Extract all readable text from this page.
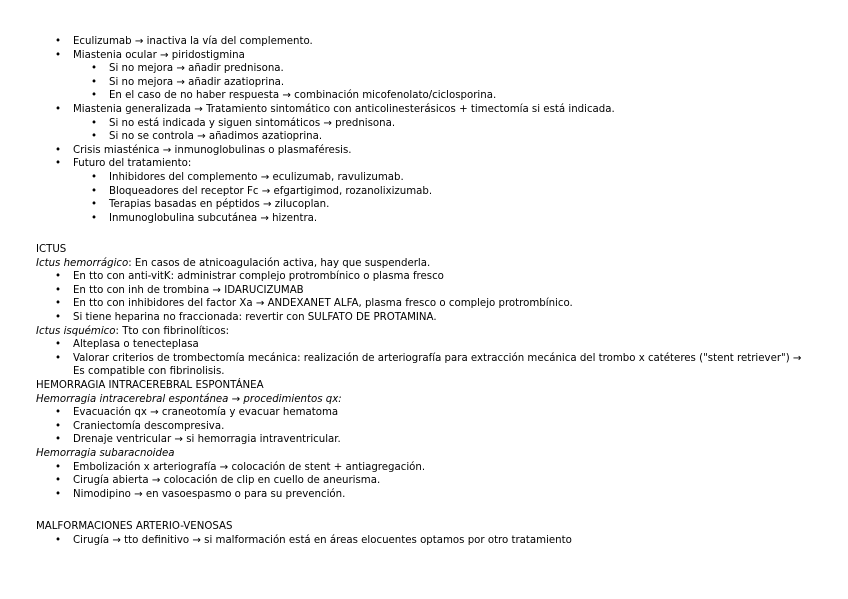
• Eculizumab → inactiva la vía del complemento.
• Miastenia ocular → piridostigmina
• Si no mejora → añadir prednisona.
• Si no mejora → añadir azatioprina.
• En el caso de no haber respuesta → combinación micofenolato/ciclosporina.
• Miastenia generalizada → Tratamiento sintomático con anticolinesterásicos + timectomía si está indicada.
• Si no está indicada y siguen sintomáticos → prednisona.
• Si no se controla → añadimos azatioprina.
• Crisis miasténica → inmunoglobulinas o plasmaféresis.
• Futuro del tratamiento:
• Inhibidores del complemento → eculizumab, ravulizumab.
• Bloqueadores del receptor Fc → efgartigimod, rozanolixizumab.
• Terapias basadas en péptidos → zilucoplan.
• Inmunoglobulina subcutánea → hizentra.
ICTUS
Ictus hemorrágico: En casos de atnicoagulación activa, hay que suspenderla.
• En tto con anti-vitK: administrar complejo protrombínico o plasma fresco
• En tto con inh de trombina → IDARUCIZUMAB
• En tto con inhibidores del factor Xa → ANDEXANET ALFA, plasma fresco o complejo protrombínico.
• Si tiene heparina no fraccionada: revertir con SULFATO DE PROTAMINA.
Ictus isquémico: Tto con fibrinolíticos:
• Alteplasa o tenecteplasa
• Valorar criterios de trombectomía mecánica: realización de arteriografía para extracción mecánica del trombo x catéteres ("stent retriever") → Es compatible con fibrinolisis.
HEMORRAGIA INTRACEREBRAL ESPONTÁNEA
Hemorragia intracerebral espontánea → procedimientos qx:
• Evacuación qx → craneotomía y evacuar hematoma
• Craniectomía descompresiva.
• Drenaje ventricular → si hemorragia intraventricular.
Hemorragia subaracnoidea
• Embolización x arteriografía → colocación de stent + antiagregación.
• Cirugía abierta → colocación de clip en cuello de aneurisma.
• Nimodipino → en vasoespasmo o para su prevención.
MALFORMACIONES ARTERIO-VENOSAS
• Cirugía → tto definitivo → si malformación está en áreas elocuentes optamos por otro tratamiento
